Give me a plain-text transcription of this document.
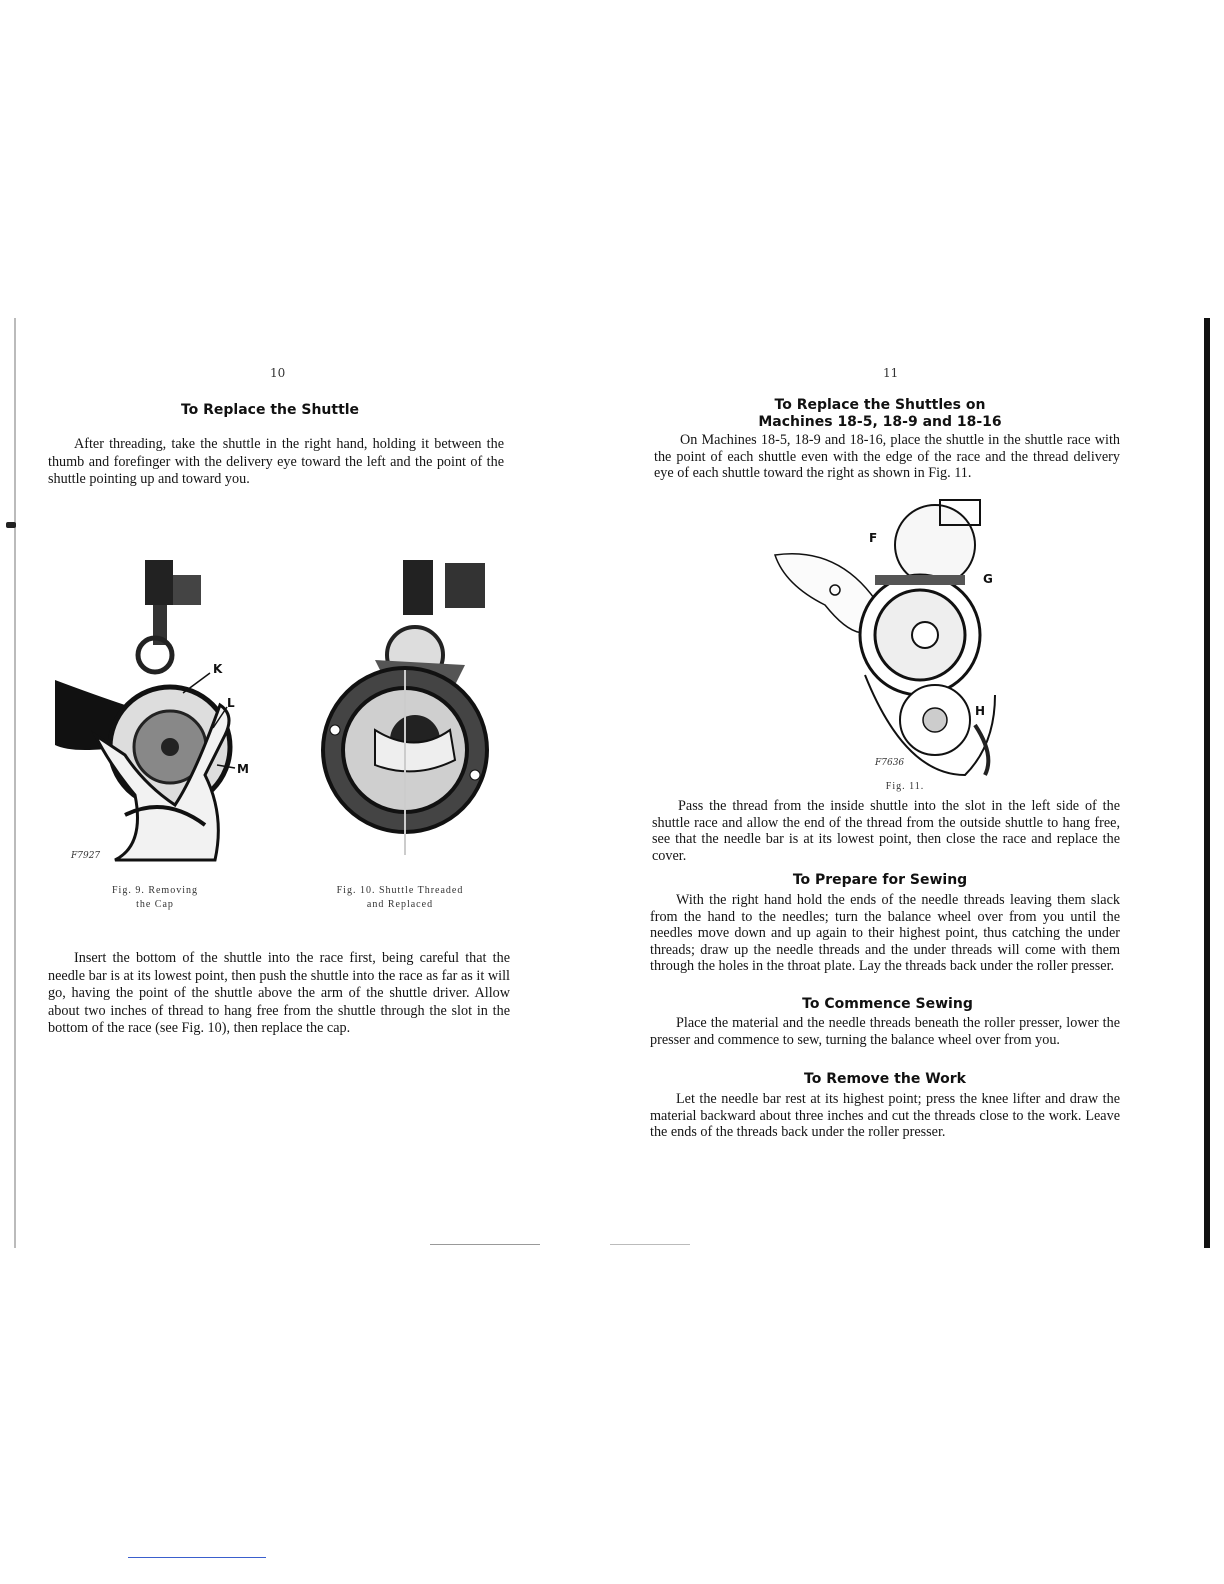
10
To Replace the Shuttle
After threading, take the shuttle in the right hand, holding it between the thumb and forefinger with the delivery eye toward the left and the point of the shuttle pointing up and toward you.
K
L
M
F7927
Fig. 9. Removing
the Cap
Fig. 10. Shuttle Threaded
and Replaced
Insert the bottom of the shuttle into the race first, being careful that the needle bar is at its lowest point, then push the shuttle into the race as far as it will go, having the point of the shuttle above the arm of the shuttle driver. Allow about two inches of thread to hang free from the shuttle through the slot in the bottom of the race (see Fig. 10), then replace the cap.
11
To Replace the Shuttles on
Machines 18-5, 18-9 and 18-16
On Machines 18-5, 18-9 and 18-16, place the shuttle in the shuttle race with the point of each shuttle even with the edge of the race and the thread delivery eye of each shuttle toward the right as shown in Fig. 11.
F
G
H
F7636
Fig. 11.
Pass the thread from the inside shuttle into the slot in the left side of the shuttle race and allow the end of the thread from the outside shuttle to hang free, see that the needle bar is at its lowest point, then close the race and replace the cover.
To Prepare for Sewing
With the right hand hold the ends of the needle threads leaving them slack from the hand to the needles; turn the balance wheel over from you until the needles move down and up again to their highest point, thus catching the under threads; draw up the needle threads and the under threads will come with them through the holes in the throat plate. Lay the threads back under the roller presser.
To Commence Sewing
Place the material and the needle threads beneath the roller presser, lower the presser and commence to sew, turning the balance wheel over from you.
To Remove the Work
Let the needle bar rest at its highest point; press the knee lifter and draw the material backward about three inches and cut the threads close to the work. Leave the ends of the threads back under the roller presser.
